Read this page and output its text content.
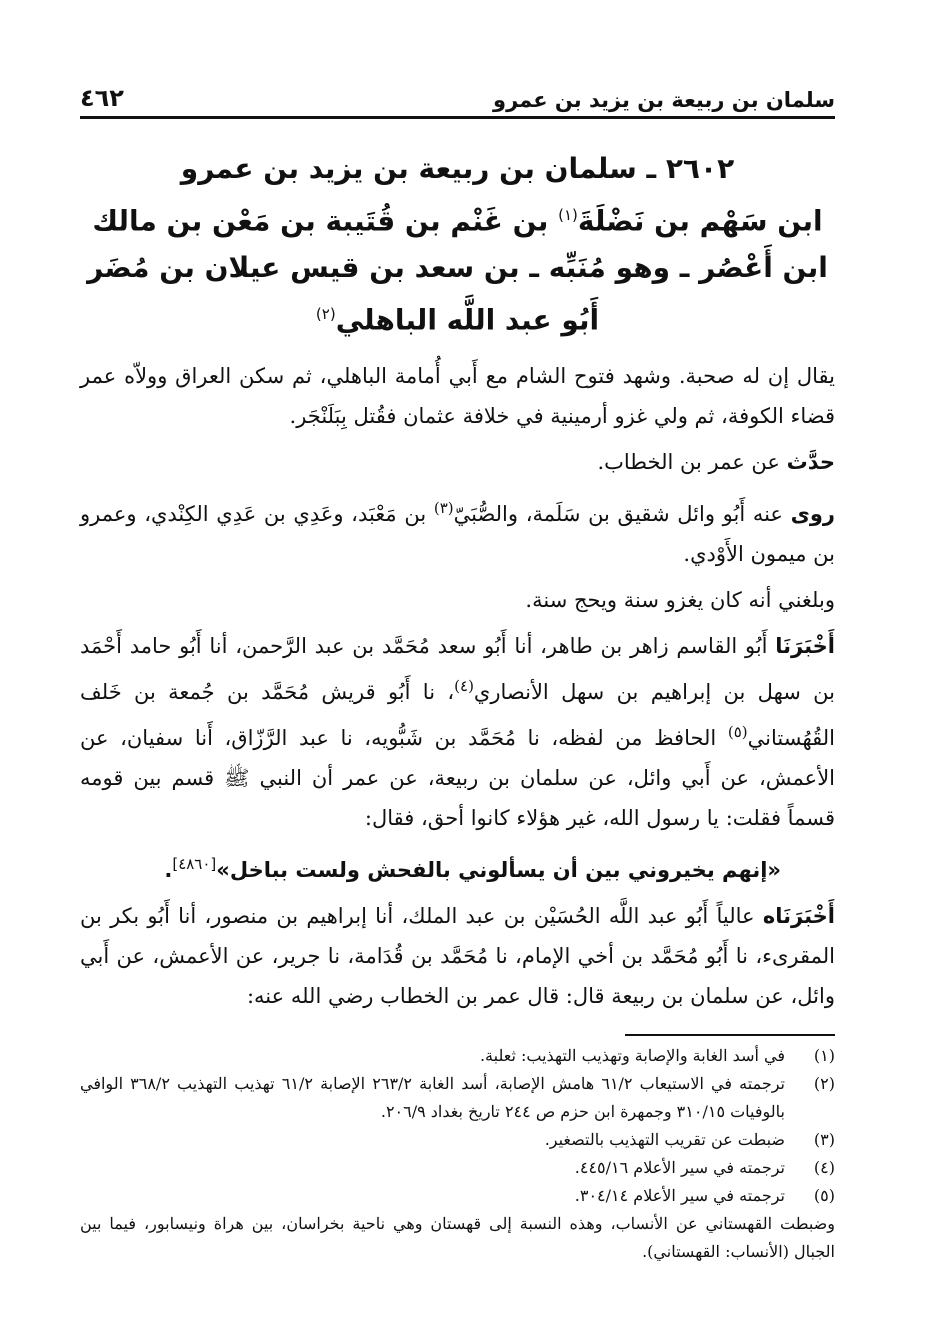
سلمان بن ربيعة بن يزيد بن عمرو
٤٦٢
٢٦٠٢ ـ سلمان بن ربيعة بن يزيد بن عمرو
ابن سَهْم بن نَضْلَةَ$^{(١)}$ بن غَنْم بن قُتَيبة بن مَعْن بن مالك
ابن أَعْصُر ـ وهو مُنَبِّه ـ بن سعد بن قيس عيلان بن مُضَر
أَبُو عبد اللَّه الباهلي$^{(٢)}$

يقال إن له صحبة. وشهد فتوح الشام مع أَبي أُمامة الباهلي، ثم سكن العراق وولاّه عمر قضاء الكوفة، ثم ولي غزو أرمينية في خلافة عثمان فقُتل بِبَلَنْجَر.

حدَّث عن عمر بن الخطاب.

روى عنه أَبُو وائل شقيق بن سَلَمة، والصُّبَيّ$^{(٣)}$ بن مَعْبَد، وعَدِي بن عَدِي الكِنْدي، وعمرو بن ميمون الأَوْدي.

وبلغني أنه كان يغزو سنة ويحج سنة.

أَخْبَرَنَا أَبُو القاسم زاهر بن طاهر، أنا أَبُو سعد مُحَمَّد بن عبد الرَّحمن، أنا أَبُو حامد أَحْمَد بن سهل بن إبراهيم بن سهل الأنصاري$^{(٤)}$، نا أَبُو قريش مُحَمَّد بن جُمعة بن خَلف القُهُستاني$^{(٥)}$ الحافظ من لفظه، نا مُحَمَّد بن شَبُّويه، نا عبد الرَّزّاق، أَنا سفيان، عن الأعمش، عن أَبي وائل، عن سلمان بن ربيعة، عن عمر أن النبي ﷺ قسم بين قومه قسماً فقلت: يا رسول الله، غير هؤلاء كانوا أحق، فقال:

«إنهم يخيروني بين أن يسألوني بالفحش ولست بباخل»[٤٨٦٠].

أَخْبَرَنَاه عالياً أَبُو عبد اللَّه الحُسَيْن بن عبد الملك، أنا إبراهيم بن منصور، أنا أَبُو بكر بن المقرىء، نا أَبُو مُحَمَّد بن أخي الإمام، نا مُحَمَّد بن قُدَامة، نا جرير، عن الأعمش، عن أَبي وائل، عن سلمان بن ربيعة قال: قال عمر بن الخطاب رضي الله عنه:

(١)
في أسد الغابة والإصابة وتهذيب التهذيب: ثعلبة.
(٢)
ترجمته في الاستيعاب ٦١/٢ هامش الإصابة، أسد الغابة ٢٦٣/٢ الإصابة ٦١/٢ تهذيب التهذيب ٣٦٨/٢ الوافي بالوفيات ٣١٠/١٥ وجمهرة ابن حزم ص ٢٤٤ تاريخ بغداد ٢٠٦/٩.
(٣)
ضبطت عن تقريب التهذيب بالتصغير.
(٤)
ترجمته في سير الأعلام ٤٤٥/١٦.
(٥)
ترجمته في سير الأعلام ٣٠٤/١٤.
وضبطت القهستاني عن الأنساب، وهذه النسبة إلى قهستان وهي ناحية بخراسان، بين هراة ونيسابور، فيما بين الجبال (الأنساب: القهستاني).
